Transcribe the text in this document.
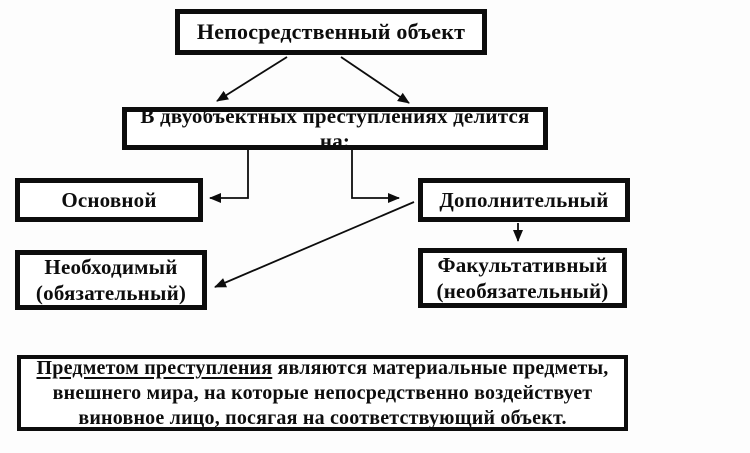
Непосредственный объект
В двуобъектных преступлениях делится на:
Основной	Дополнительный
Необходимый
(обязательный)
Факультативный
(необязательный)
Предметом преступления являются материальные предметы,
внешнего мира, на которые непосредственно воздействует
виновное лицо, посягая на соответствующий объект.
